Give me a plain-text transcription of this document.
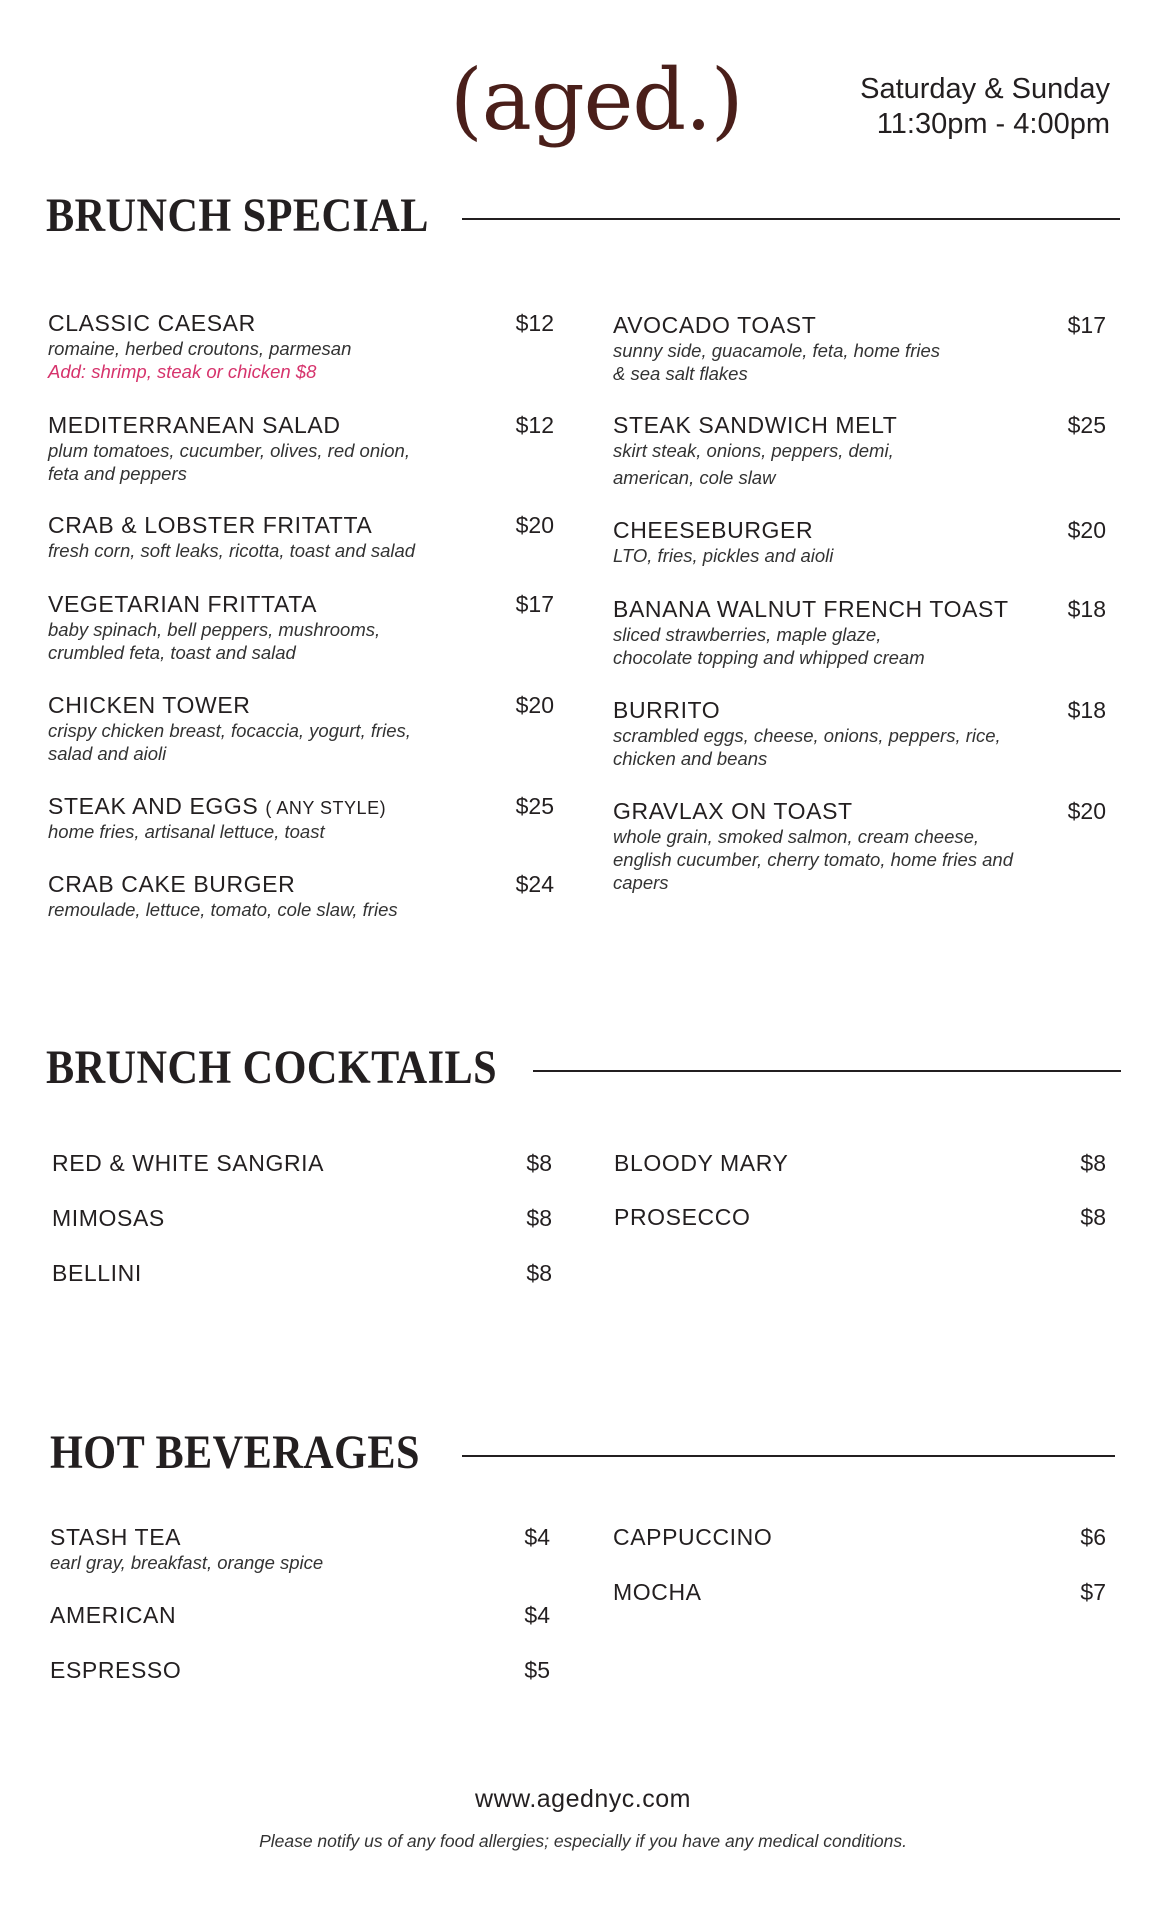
(aged.)	Saturday & Sunday
11:30pm - 4:00pm
BRUNCH SPECIAL
CLASSIC CAESAR	$12
romaine, herbed croutons, parmesan
Add: shrimp, steak or chicken $8
MEDITERRANEAN SALAD	$12
plum tomatoes, cucumber, olives, red onion,
feta and peppers
CRAB & LOBSTER FRITATTA	$20
fresh corn, soft leaks, ricotta, toast and salad
VEGETARIAN FRITTATA	$17
baby spinach, bell peppers, mushrooms,
crumbled feta, toast and salad
CHICKEN TOWER	$20
crispy chicken breast, focaccia, yogurt, fries,
salad and aioli
STEAK AND EGGS ( ANY STYLE)	$25
home fries, artisanal lettuce, toast
CRAB CAKE BURGER	$24
remoulade, lettuce, tomato, cole slaw, fries
AVOCADO TOAST	$17
sunny side, guacamole, feta, home fries
& sea salt flakes
STEAK SANDWICH MELT	$25
skirt steak, onions, peppers, demi,
american, cole slaw
CHEESEBURGER	$20
LTO, fries, pickles and aioli
BANANA WALNUT FRENCH TOAST	$18
sliced strawberries, maple glaze,
chocolate topping and whipped cream
BURRITO	$18
scrambled eggs, cheese, onions, peppers, rice,
chicken and beans
GRAVLAX ON TOAST	$20
whole grain, smoked salmon, cream cheese,
english cucumber, cherry tomato, home fries and
capers
BRUNCH COCKTAILS
RED & WHITE SANGRIA	$8
MIMOSAS	$8
BELLINI	$8
BLOODY MARY	$8
PROSECCO	$8
HOT BEVERAGES
STASH TEA	$4
earl gray, breakfast, orange spice
AMERICAN	$4
ESPRESSO	$5
CAPPUCCINO	$6
MOCHA	$7
www.agednyc.com
Please notify us of any food allergies; especially if you have any medical conditions.
